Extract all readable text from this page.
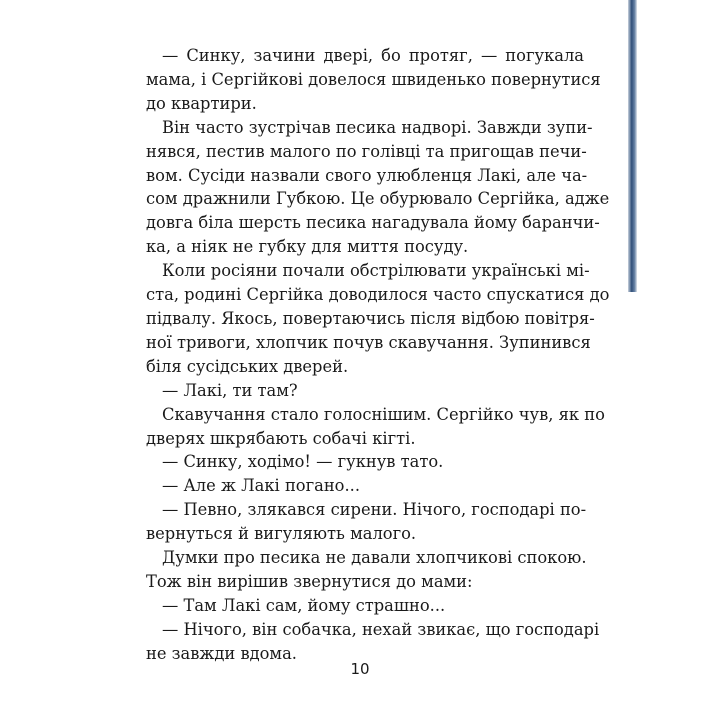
— Синку, зачини двері, бо протяг, — погукала
мама, і Сергійкові довелося швиденько повернутися
до квартири.

Він часто зустрічав песика надворі. Завжди зупи-
нявся, пестив малого по голівці та пригощав печи-
вом. Сусіди назвали свого улюбленця Лакі, але ча-
сом дражнили Губкою. Це обурювало Сергійка, адже
довга біла шерсть песика нагадувала йому баранчи-
ка, а ніяк не губку для миття посуду.

Коли росіяни почали обстрілювати українські мі-
ста, родині Сергійка доводилося часто спускатися до
підвалу. Якось, повертаючись після відбою повітря-
ної тривоги, хлопчик почув скавучання. Зупинився
біля сусідських дверей.

— Лакі, ти там?

Скавучання стало голоснішим. Сергійко чув, як по
дверях шкрябають собачі кігті.

— Синку, ходімо! — гукнув тато.

— Але ж Лакі погано...

— Певно, злякався сирени. Нічого, господарі по-
вернуться й вигуляють малого.

Думки про песика не давали хлопчикові спокою.
Тож він вирішив звернутися до мами:

— Там Лакі сам, йому страшно...

— Нічого, він собачка, нехай звикає, що господарі
не завжди вдома.

10
